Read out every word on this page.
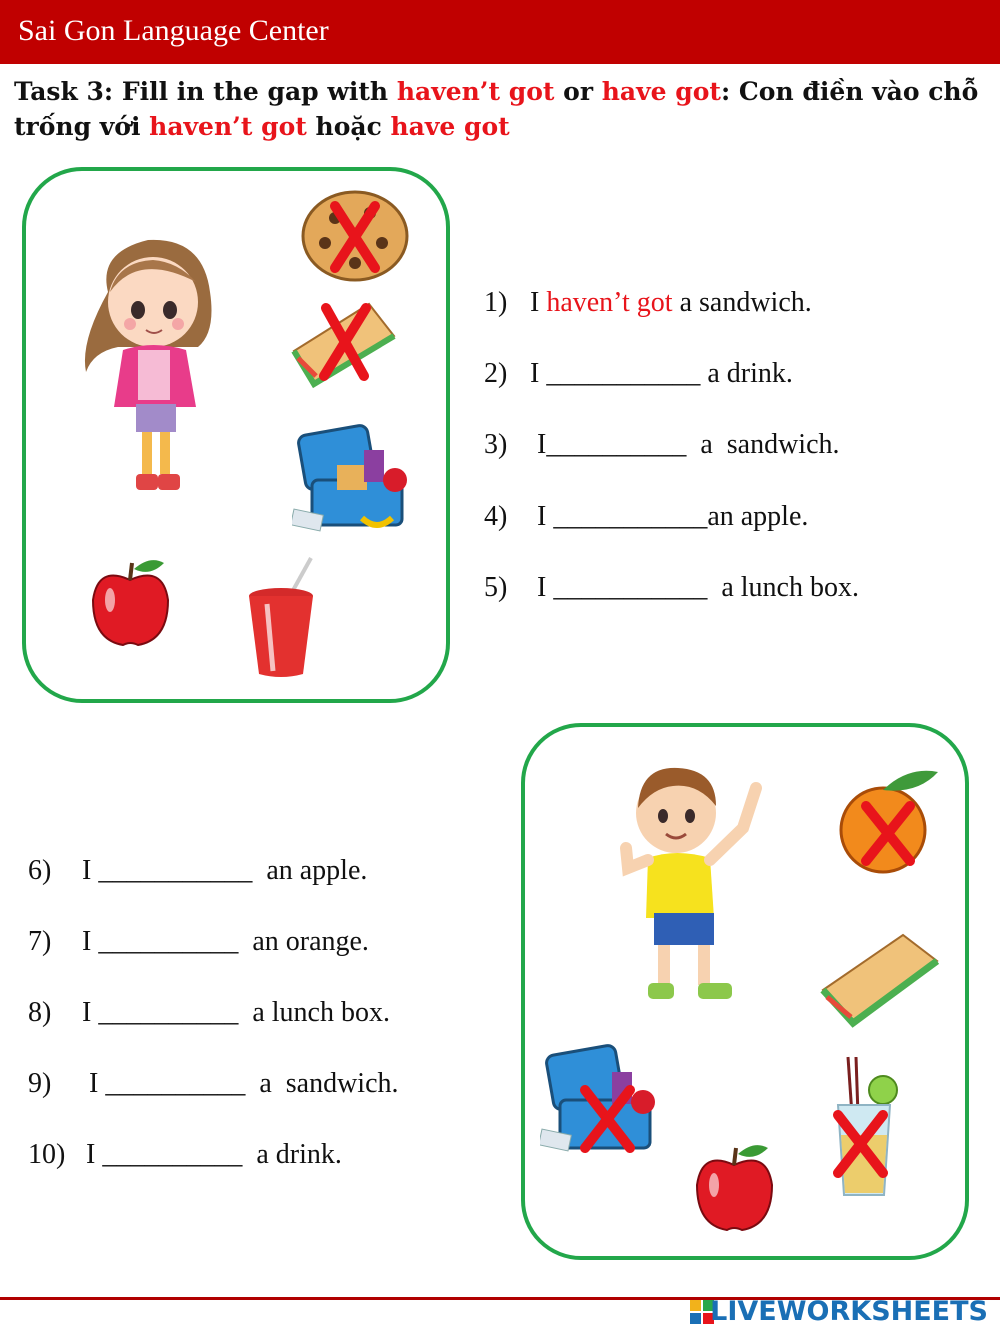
Sai Gon Language Center
Task 3: Fill in the gap with haven’t got or have got: Con điền vào chỗ trống với haven’t got hoặc have got
1) I haven’t got a sandwich.
2) I ___________ a drink.
3) I__________  a  sandwich.
4) I ___________an apple.
5) I ___________  a lunch box.
6) I ___________  an apple.
7) I __________  an orange.
8) I __________  a lunch box.
9) I __________  a  sandwich.
10) I __________  a drink.
LIVEWORKSHEETS
